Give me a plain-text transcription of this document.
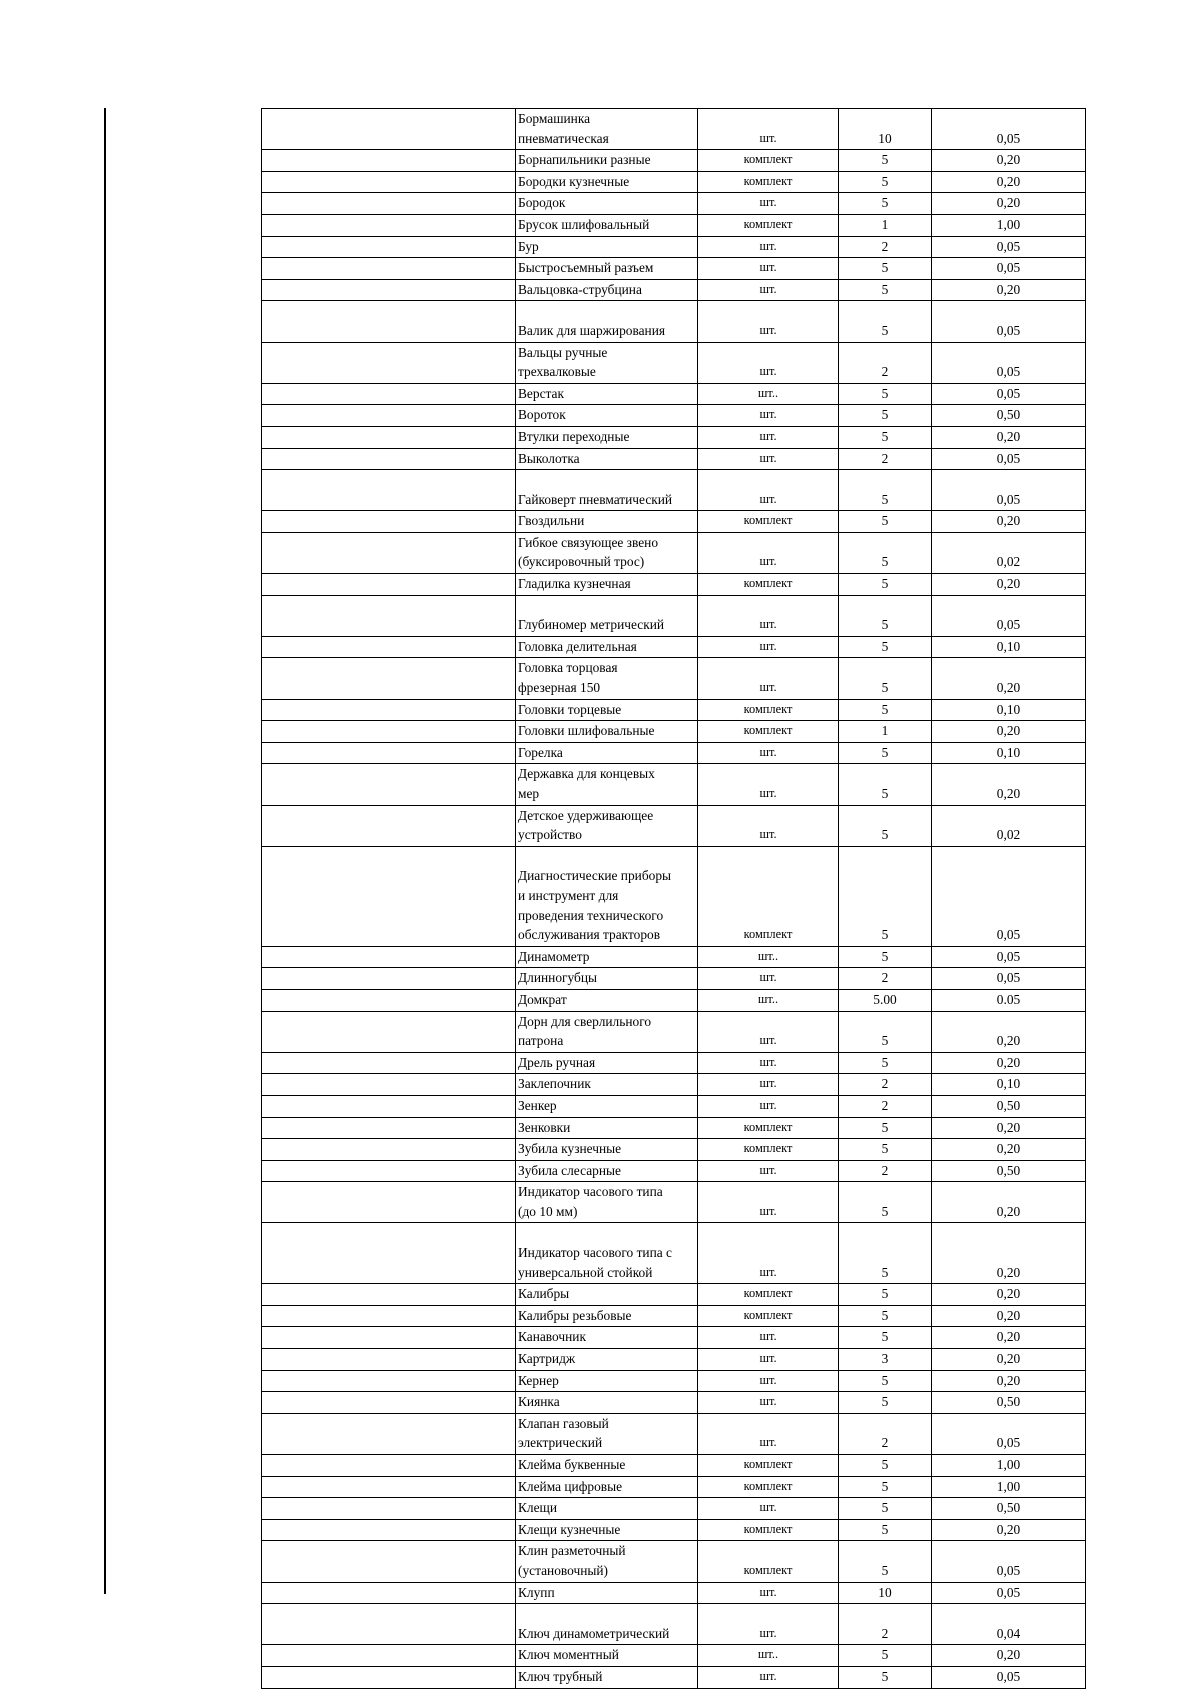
	Бормашинка
пневматическая	шт.	10	0,05
	Борнапильники разные	комплект	5	0,20
	Бородки кузнечные	комплект	5	0,20
	Бородок	шт.	5	0,20
	Брусок шлифовальный	комплект	1	1,00
	Бур	шт.	2	0,05
	Быстросъемный разъем	шт.	5	0,05
	Вальцовка-струбцина	шт.	5	0,20

Валик для шаржирования	шт.	5	0,05
	Вальцы ручные
трехвалковые	шт.	2	0,05
	Верстак	шт..	5	0,05
	Вороток	шт.	5	0,50
	Втулки переходные	шт.	5	0,20
	Выколотка	шт.	2	0,05

Гайковерт пневматический	шт.	5	0,05
	Гвоздильни	комплект	5	0,20
	Гибкое связующее звено
(буксировочный трос)	шт.	5	0,02
	Гладилка кузнечная	комплект	5	0,20

Глубиномер метрический	шт.	5	0,05
	Головка делительная	шт.	5	0,10
	Головка торцовая
фрезерная 150	шт.	5	0,20
	Головки торцевые	комплект	5	0,10
	Головки шлифовальные	комплект	1	0,20
	Горелка	шт.	5	0,10
	Державка для концевых
мер	шт.	5	0,20
	Детское удерживающее
устройство	шт.	5	0,02

Диагностические приборы
и инструмент для
проведения технического
обслуживания тракторов	комплект	5	0,05
	Динамометр	шт..	5	0,05
	Длинногубцы	шт.	2	0,05
	Домкрат	шт..	5.00	0.05
	Дорн для сверлильного
патрона	шт.	5	0,20
	Дрель ручная	шт.	5	0,20
	Заклепочник	шт.	2	0,10
	Зенкер	шт.	2	0,50
	Зенковки	комплект	5	0,20
	Зубила кузнечные	комплект	5	0,20
	Зубила слесарные	шт.	2	0,50
	Индикатор часового типа
(до 10 мм)	шт.	5	0,20

Индикатор часового типа с
универсальной стойкой	шт.	5	0,20
	Калибры	комплект	5	0,20
	Калибры резьбовые	комплект	5	0,20
	Канавочник	шт.	5	0,20
	Картридж	шт.	3	0,20
	Кернер	шт.	5	0,20
	Киянка	шт.	5	0,50
	Клапан газовый
электрический	шт.	2	0,05
	Клейма буквенные	комплект	5	1,00
	Клейма цифровые	комплект	5	1,00
	Клещи	шт.	5	0,50
	Клещи кузнечные	комплект	5	0,20
	Клин разметочный
(установочный)	комплект	5	0,05
	Клупп	шт.	10	0,05

Ключ динамометрический	шт.	2	0,04
	Ключ моментный	шт..	5	0,20
	Ключ трубный	шт.	5	0,05
